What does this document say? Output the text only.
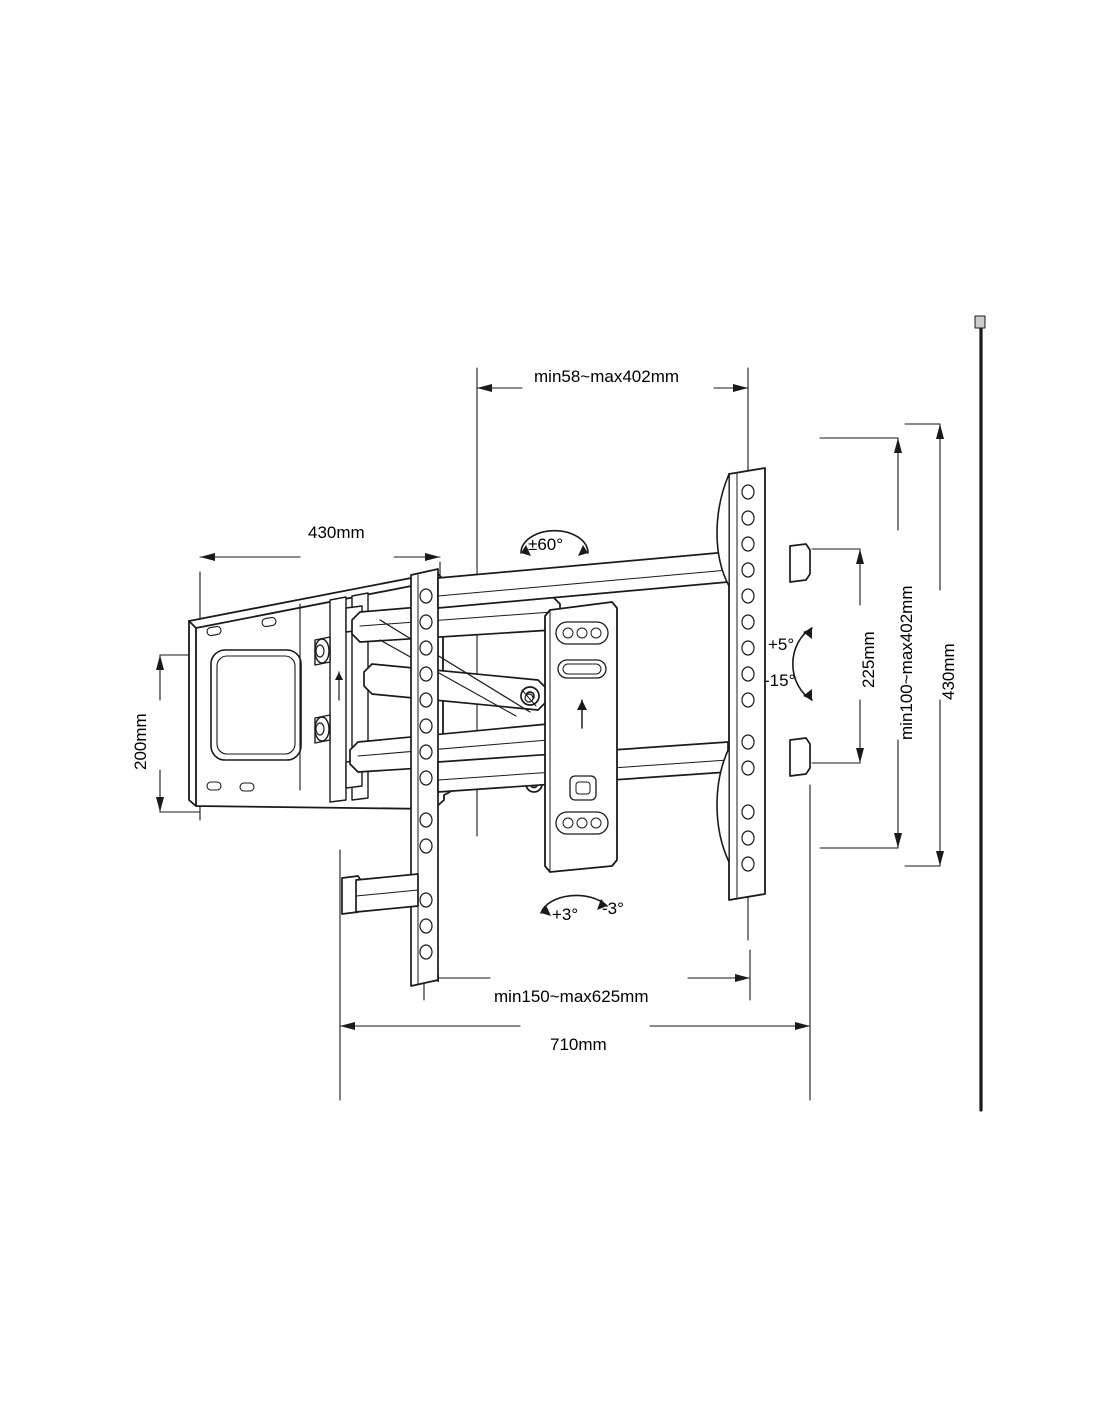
min58~max402mm
430mm
200mm
±60°
+5°
-15°	225mm min100~max402mm 430mm
+3° -3°
min150~max625mm
710mm
